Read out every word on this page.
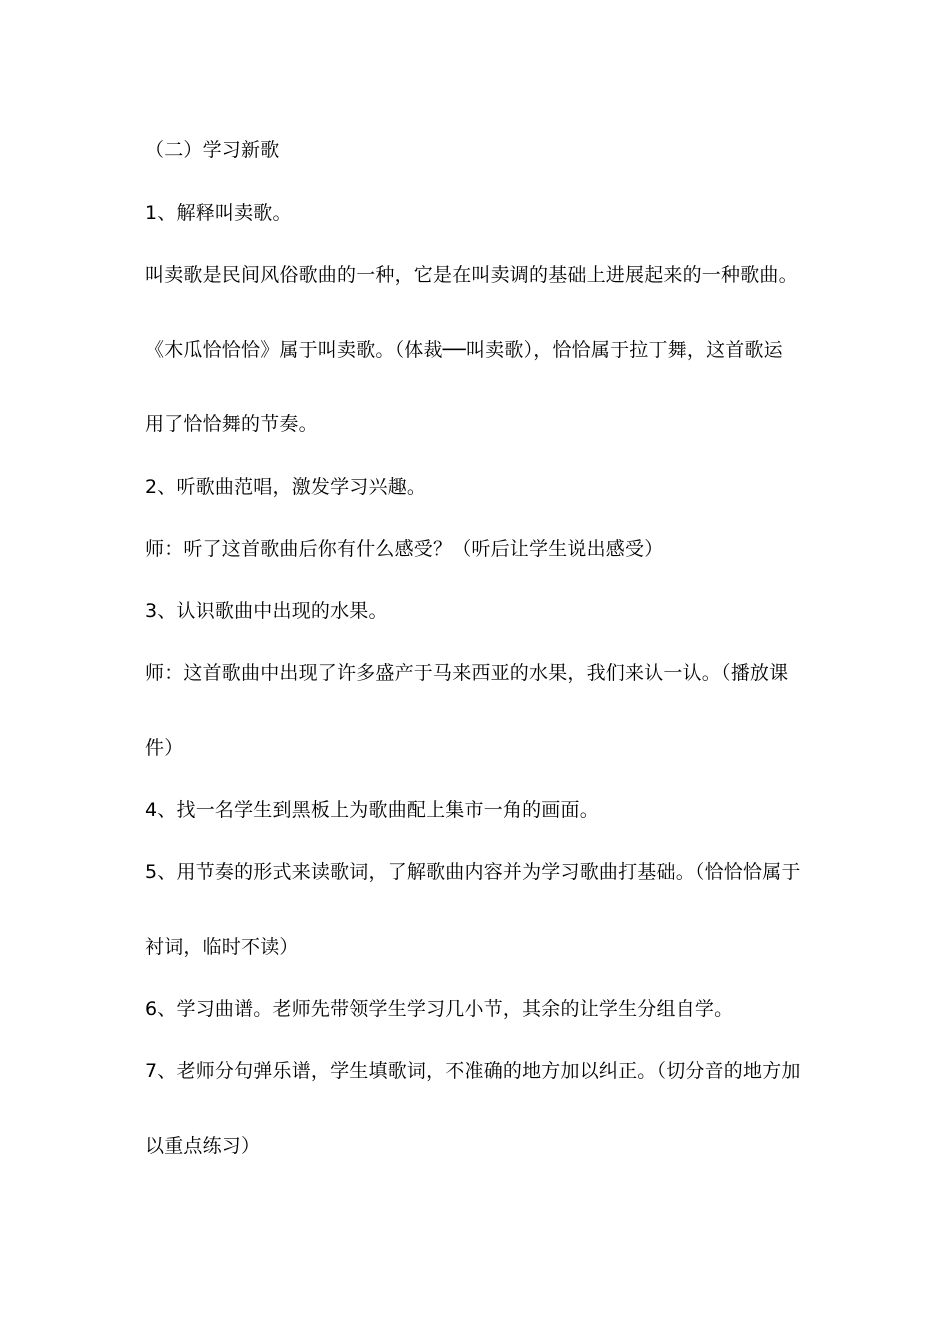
（二）学习新歌
1、解释叫卖歌。
叫卖歌是民间风俗歌曲的一种，它是在叫卖调的基础上进展起来的一种歌曲。
《木瓜恰恰恰》属于叫卖歌。（体裁──叫卖歌），恰恰属于拉丁舞，这首歌运
用了恰恰舞的节奏。
2、听歌曲范唱，激发学习兴趣。
师：听了这首歌曲后你有什么感受？（听后让学生说出感受）
3、认识歌曲中出现的水果。
师：这首歌曲中出现了许多盛产于马来西亚的水果，我们来认一认。（播放课
件）
4、找一名学生到黑板上为歌曲配上集市一角的画面。
5、用节奏的形式来读歌词，了解歌曲内容并为学习歌曲打基础。（恰恰恰属于
衬词，临时不读）
6、学习曲谱。老师先带领学生学习几小节，其余的让学生分组自学。
7、老师分句弹乐谱，学生填歌词，不准确的地方加以纠正。（切分音的地方加
以重点练习）
